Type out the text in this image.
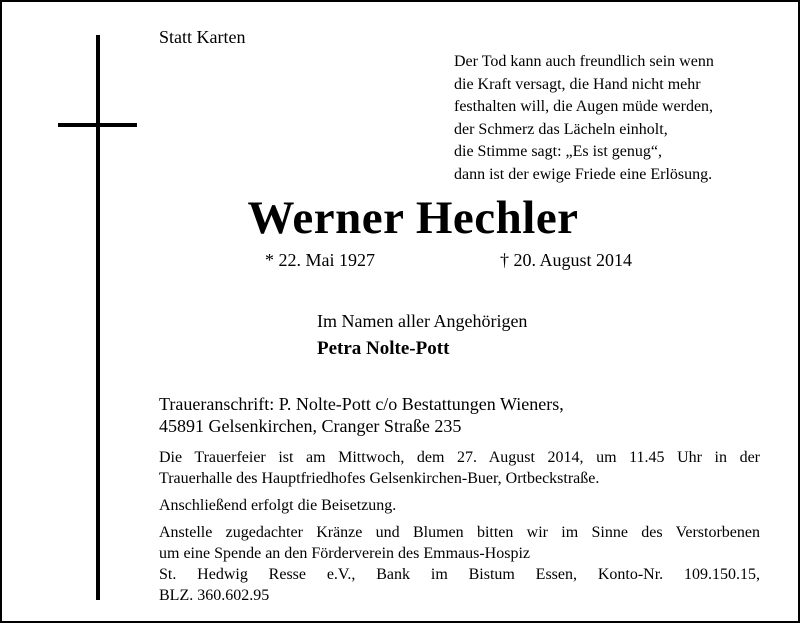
Statt Karten
Der Tod kann auch freundlich sein wenn
die Kraft versagt, die Hand nicht mehr
festhalten will, die Augen müde werden,
der Schmerz das Lächeln einholt,
die Stimme sagt: „Es ist genug“,
dann ist der ewige Friede eine Erlösung.
Werner Hechler
* 22. Mai 1927	† 20. August 2014
Im Namen aller Angehörigen
Petra Nolte-Pott
Traueranschrift: P. Nolte-Pott c/o Bestattungen Wieners,
45891 Gelsenkirchen, Cranger Straße 235
Die Trauerfeier ist am Mittwoch, dem 27. August 2014, um 11.45 Uhr in der
Trauerhalle des Hauptfriedhofes Gelsenkirchen-Buer, Ortbeckstraße.
Anschließend erfolgt die Beisetzung.
Anstelle zugedachter Kränze und Blumen bitten wir im Sinne des Verstorbenen
um eine Spende an den Förderverein des Emmaus-Hospiz
St. Hedwig Resse e.V., Bank im Bistum Essen, Konto-Nr. 109.150.15,
BLZ. 360.602.95
